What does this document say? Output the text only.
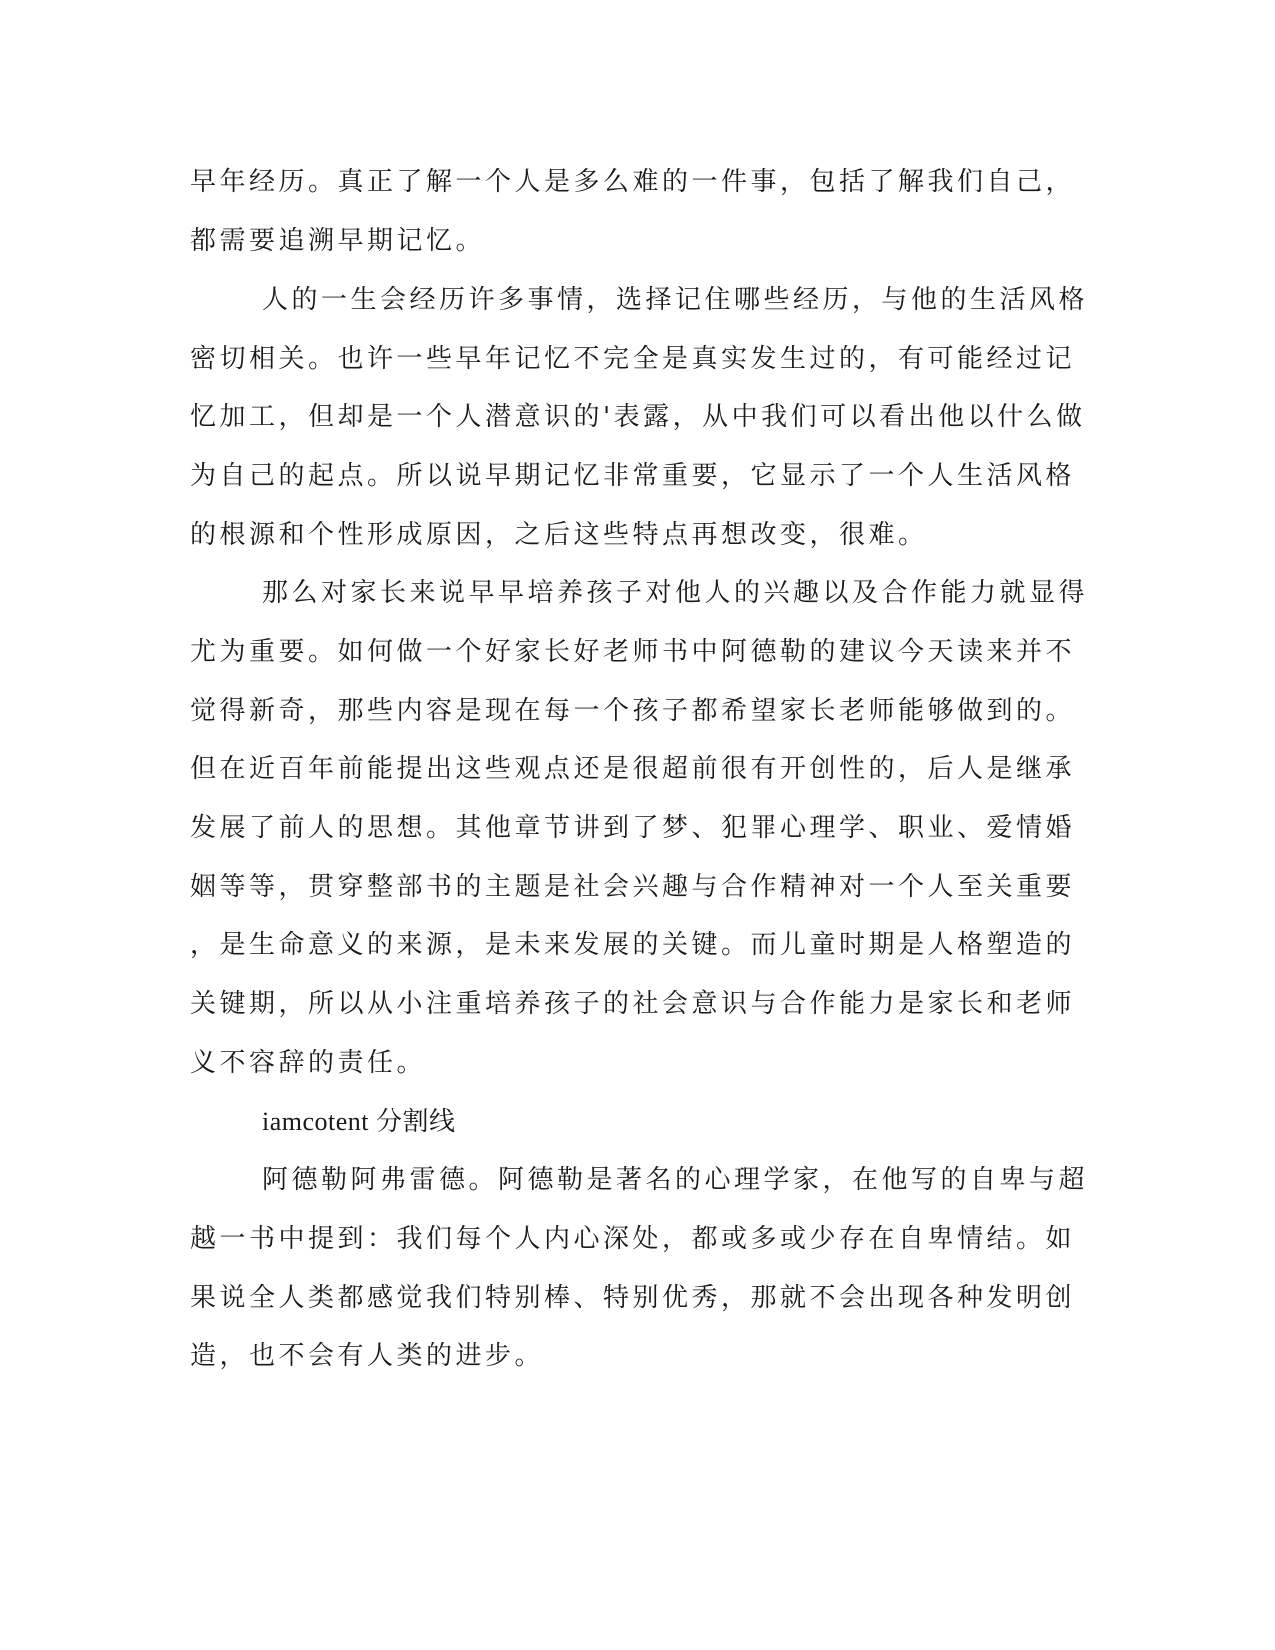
早年经历。真正了解一个人是多么难的一件事，包括了解我们自己，
都需要追溯早期记忆。
人的一生会经历许多事情，选择记住哪些经历，与他的生活风格
密切相关。也许一些早年记忆不完全是真实发生过的，有可能经过记
忆加工，但却是一个人潜意识的'表露，从中我们可以看出他以什么做
为自己的起点。所以说早期记忆非常重要，它显示了一个人生活风格
的根源和个性形成原因，之后这些特点再想改变，很难。
那么对家长来说早早培养孩子对他人的兴趣以及合作能力就显得
尤为重要。如何做一个好家长好老师书中阿德勒的建议今天读来并不
觉得新奇，那些内容是现在每一个孩子都希望家长老师能够做到的。
但在近百年前能提出这些观点还是很超前很有开创性的，后人是继承
发展了前人的思想。其他章节讲到了梦、犯罪心理学、职业、爱情婚
姻等等，贯穿整部书的主题是社会兴趣与合作精神对一个人至关重要
，是生命意义的来源，是未来发展的关键。而儿童时期是人格塑造的
关键期，所以从小注重培养孩子的社会意识与合作能力是家长和老师
义不容辞的责任。
iamcotent 分割线
阿德勒阿弗雷德。阿德勒是著名的心理学家，在他写的自卑与超
越一书中提到：我们每个人内心深处，都或多或少存在自卑情结。如
果说全人类都感觉我们特别棒、特别优秀，那就不会出现各种发明创
造，也不会有人类的进步。
